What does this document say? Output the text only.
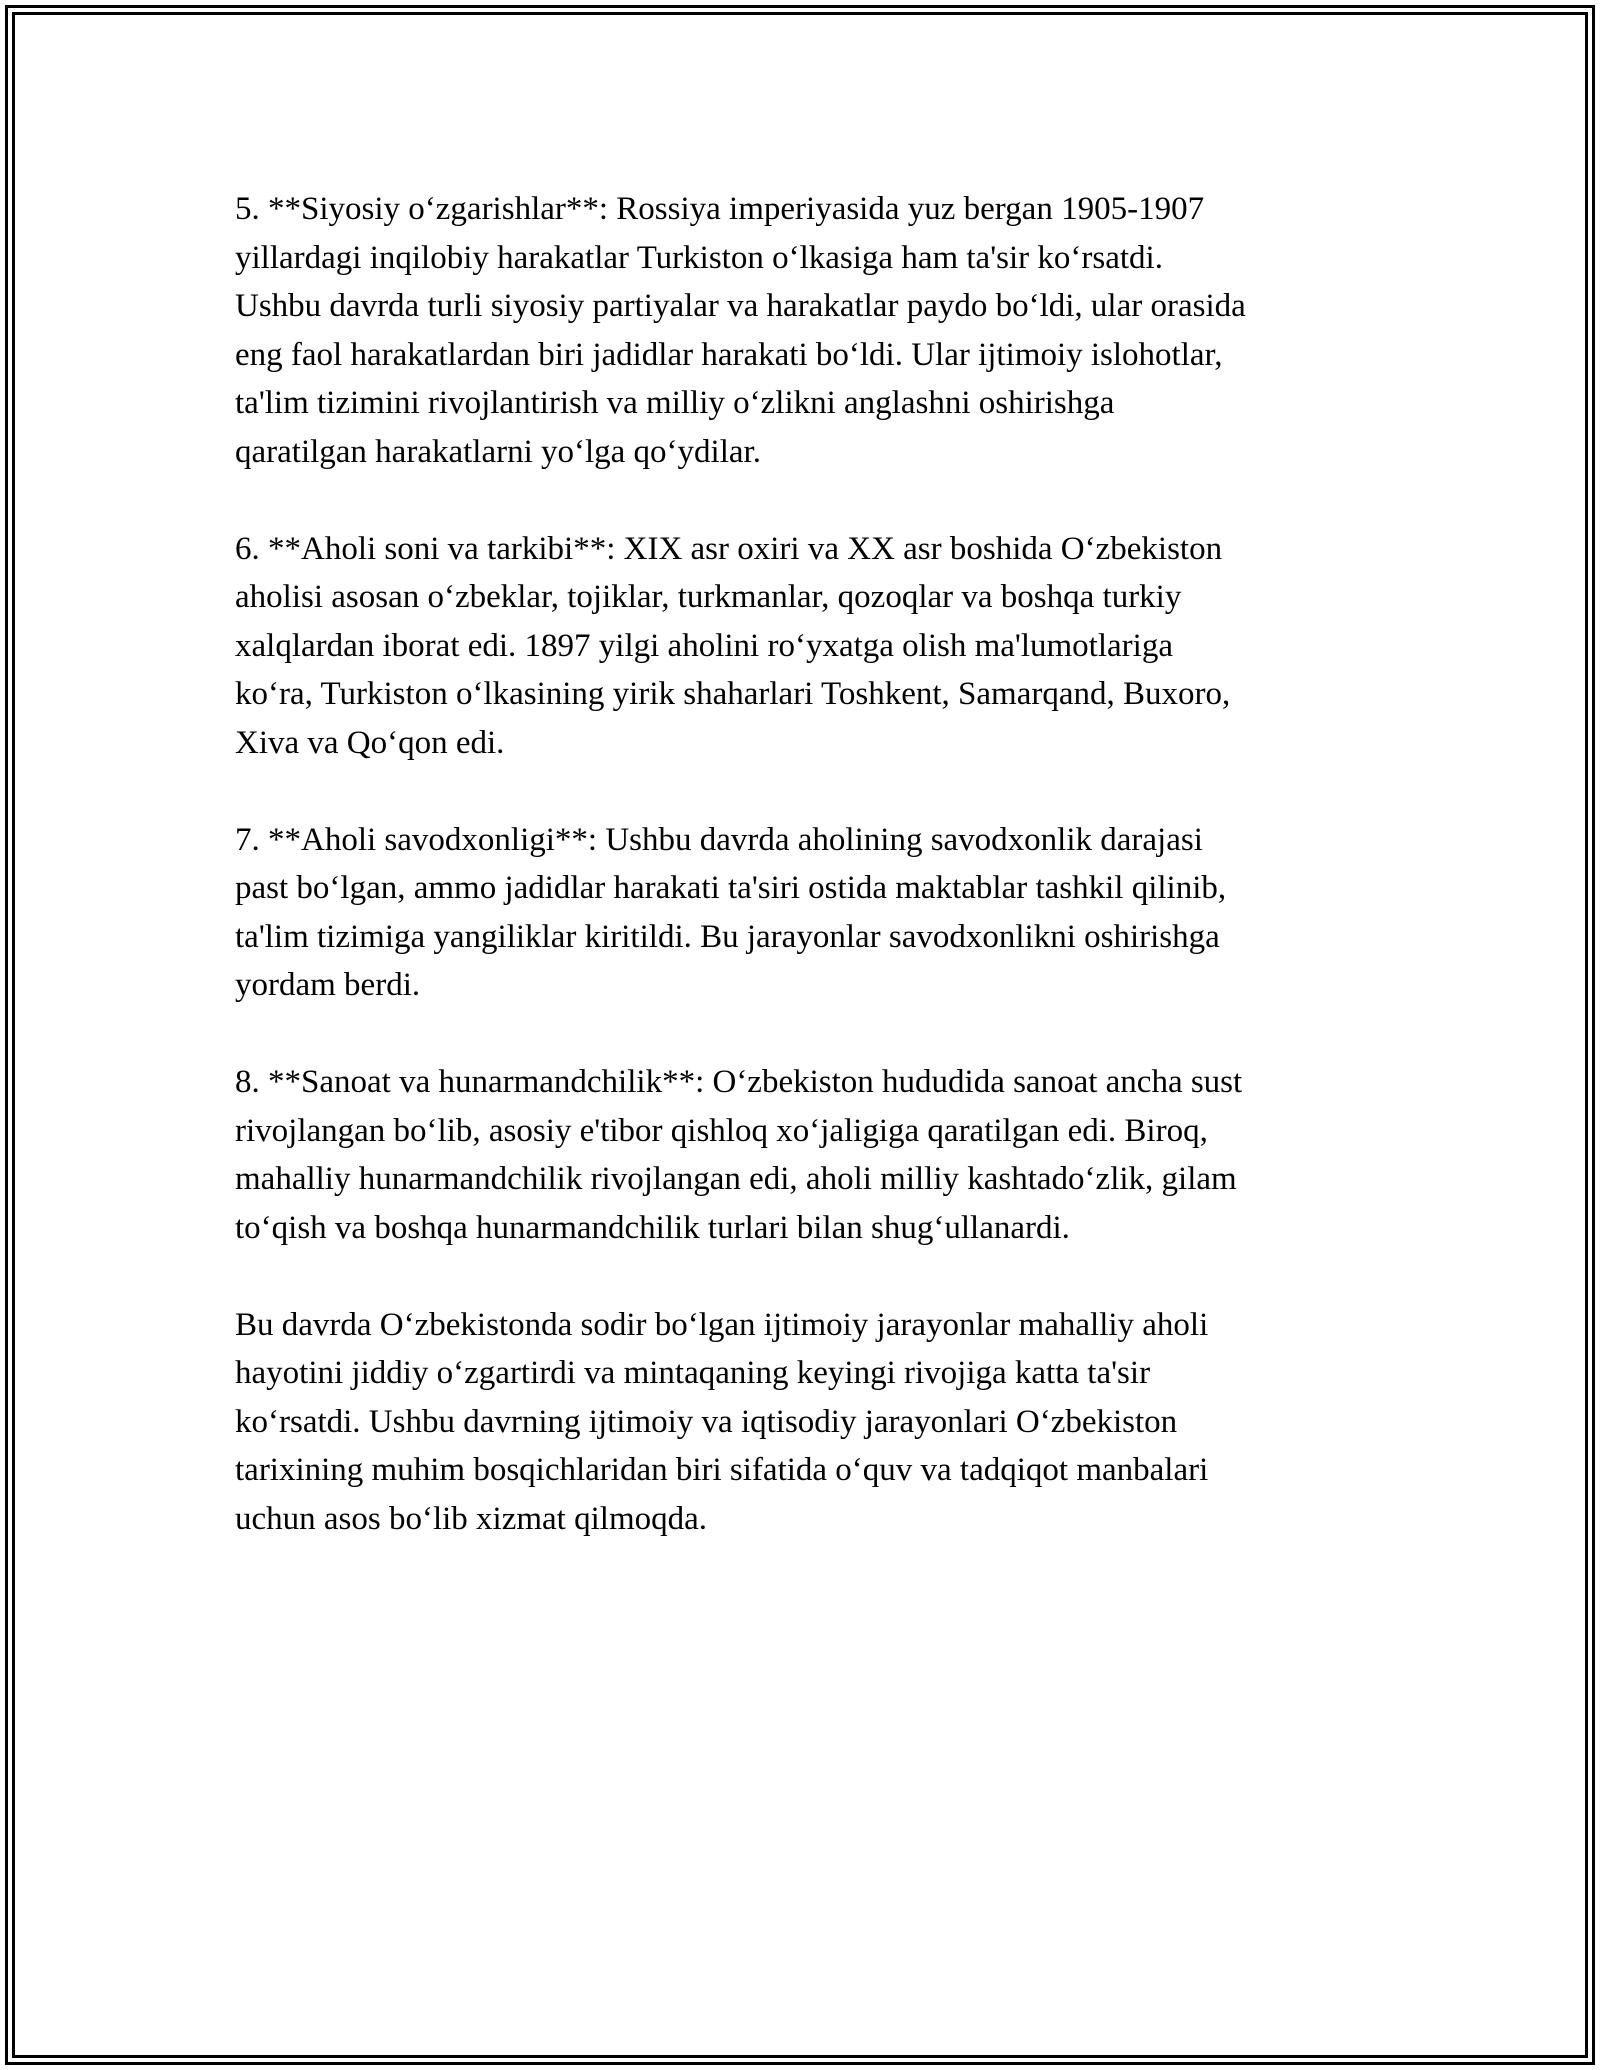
5. **Siyosiy o‘zgarishlar**: Rossiya imperiyasida yuz bergan 1905-1907
yillardagi inqilobiy harakatlar Turkiston o‘lkasiga ham ta'sir ko‘rsatdi.
Ushbu davrda turli siyosiy partiyalar va harakatlar paydo bo‘ldi, ular orasida
eng faol harakatlardan biri jadidlar harakati bo‘ldi. Ular ijtimoiy islohotlar,
ta'lim tizimini rivojlantirish va milliy o‘zlikni anglashni oshirishga
qaratilgan harakatlarni yo‘lga qo‘ydilar.

6. **Aholi soni va tarkibi**: XIX asr oxiri va XX asr boshida O‘zbekiston
aholisi asosan o‘zbeklar, tojiklar, turkmanlar, qozoqlar va boshqa turkiy
xalqlardan iborat edi. 1897 yilgi aholini ro‘yxatga olish ma'lumotlariga
ko‘ra, Turkiston o‘lkasining yirik shaharlari Toshkent, Samarqand, Buxoro,
Xiva va Qo‘qon edi.

7. **Aholi savodxonligi**: Ushbu davrda aholining savodxonlik darajasi
past bo‘lgan, ammo jadidlar harakati ta'siri ostida maktablar tashkil qilinib,
ta'lim tizimiga yangiliklar kiritildi. Bu jarayonlar savodxonlikni oshirishga
yordam berdi.

8. **Sanoat va hunarmandchilik**: O‘zbekiston hududida sanoat ancha sust
rivojlangan bo‘lib, asosiy e'tibor qishloq xo‘jaligiga qaratilgan edi. Biroq,
mahalliy hunarmandchilik rivojlangan edi, aholi milliy kashtado‘zlik, gilam
to‘qish va boshqa hunarmandchilik turlari bilan shug‘ullanardi.

Bu davrda O‘zbekistonda sodir bo‘lgan ijtimoiy jarayonlar mahalliy aholi
hayotini jiddiy o‘zgartirdi va mintaqaning keyingi rivojiga katta ta'sir
ko‘rsatdi. Ushbu davrning ijtimoiy va iqtisodiy jarayonlari O‘zbekiston
tarixining muhim bosqichlaridan biri sifatida o‘quv va tadqiqot manbalari
uchun asos bo‘lib xizmat qilmoqda.
